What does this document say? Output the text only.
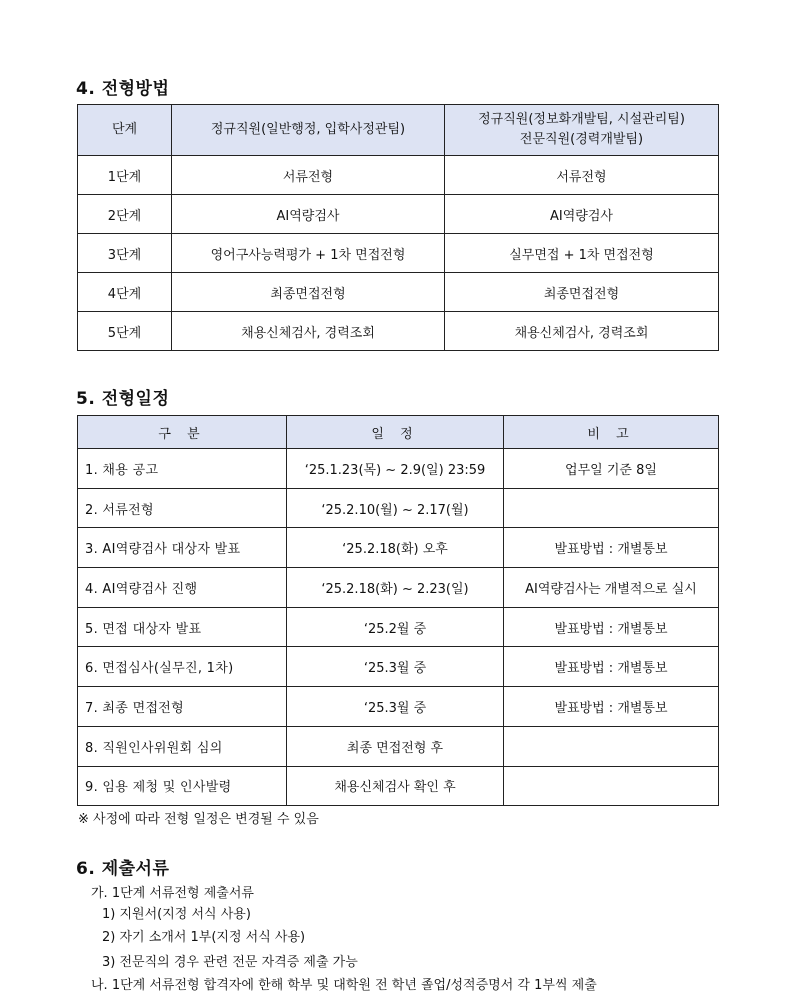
4. 전형방법
단계	정규직원(일반행정, 입학사정관팀)	정규직원(정보화개발팀, 시설관리팀)
전문직원(경력개발팀)
1단계	서류전형	서류전형
2단계	AI역량검사	AI역량검사
3단계	영어구사능력평가 + 1차 면접전형	실무면접 + 1차 면접전형
4단계	최종면접전형	최종면접전형
5단계	채용신체검사, 경력조회	채용신체검사, 경력조회
5. 전형일정
구 분	일 정	비 고
1. 채용 공고	‘25.1.23(목) ~ 2.9(일) 23:59	업무일 기준 8일
2. 서류전형	‘25.2.10(월) ~ 2.17(월)	
3. AI역량검사 대상자 발표	‘25.2.18(화) 오후	발표방법 : 개별통보
4. AI역량검사 진행	‘25.2.18(화) ~ 2.23(일)	AI역량검사는 개별적으로 실시
5. 면접 대상자 발표	‘25.2월 중	발표방법 : 개별통보
6. 면접심사(실무진, 1차)	‘25.3월 중	발표방법 : 개별통보
7. 최종 면접전형	‘25.3월 중	발표방법 : 개별통보
8. 직원인사위원회 심의	최종 면접전형 후	
9. 임용 제청 및 인사발령	채용신체검사 확인 후	

※ 사정에 따라 전형 일정은 변경될 수 있음

6. 제출서류
가. 1단계 서류전형 제출서류
1) 지원서(지정 서식 사용)
2) 자기 소개서 1부(지정 서식 사용)
3) 전문직의 경우 관련 전문 자격증 제출 가능
나. 1단계 서류전형 합격자에 한해 학부 및 대학원 전 학년 졸업/성적증명서 각 1부씩 제출
